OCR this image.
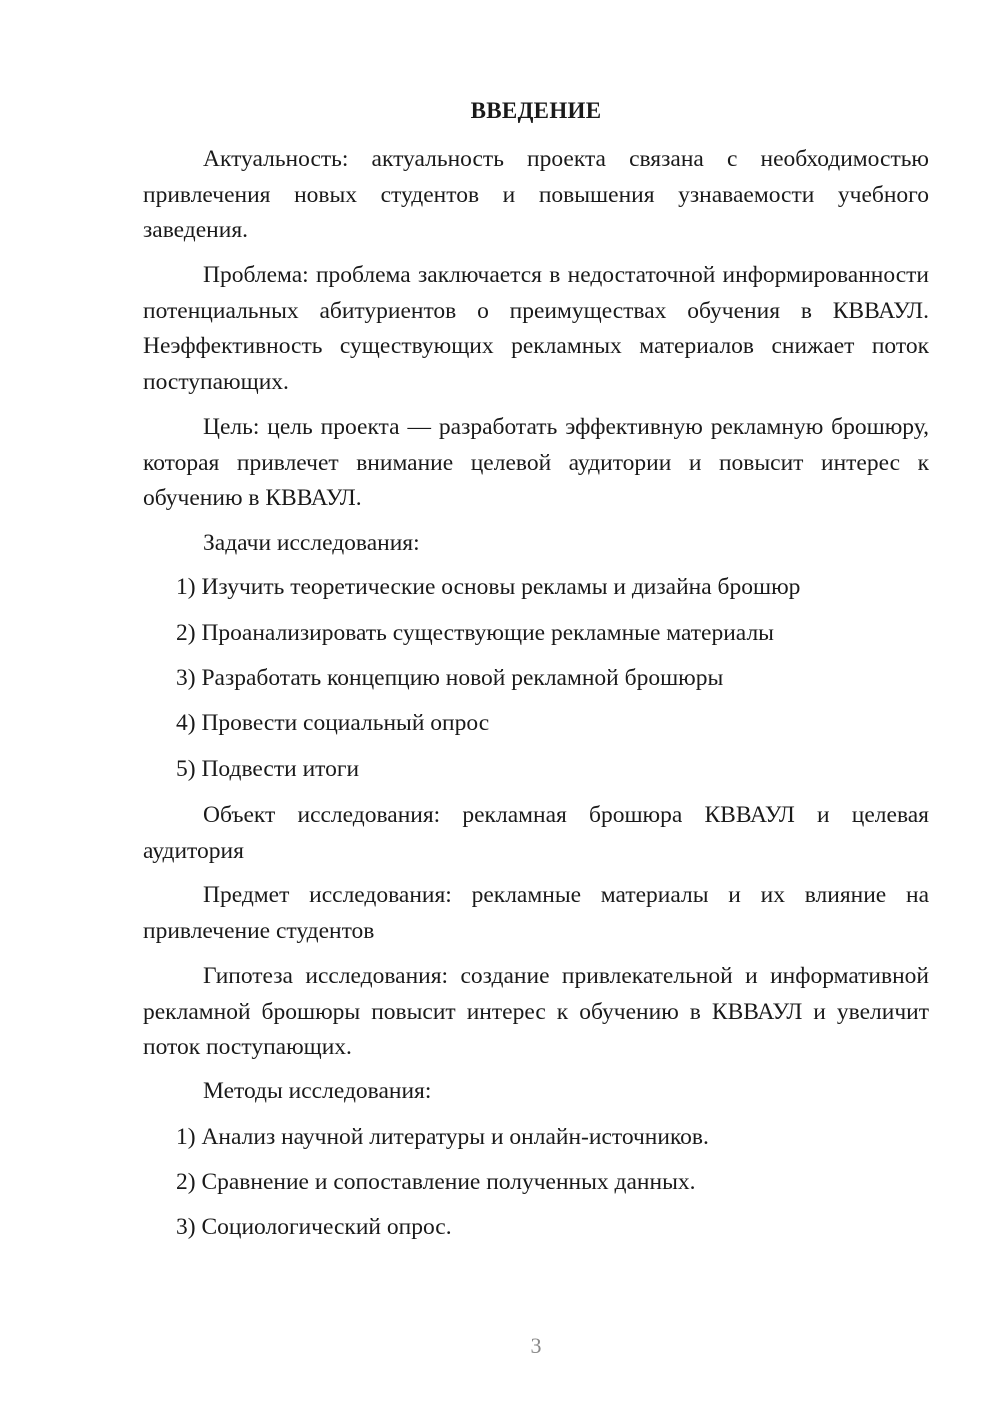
ВВЕДЕНИЕ

Актуальность: актуальность проекта связана с необходимостью привлечения новых студентов и повышения узнаваемости учебного заведения.

Проблема: проблема заключается в недостаточной информированности потенциальных абитуриентов о преимуществах обучения в КВВАУЛ. Неэффективность существующих рекламных материалов снижает поток поступающих.

Цель: цель проекта — разработать эффективную рекламную брошюру, которая привлечет внимание целевой аудитории и повысит интерес к обучению в КВВАУЛ.

Задачи исследования:

1) Изучить теоретические основы рекламы и дизайна брошюр

2) Проанализировать существующие рекламные материалы

3) Разработать концепцию новой рекламной брошюры

4) Провести социальный опрос

5) Подвести итоги

Объект исследования: рекламная брошюра КВВАУЛ и целевая аудитория

Предмет исследования: рекламные материалы и их влияние на привлечение студентов

Гипотеза исследования: создание привлекательной и информативной рекламной брошюры повысит интерес к обучению в КВВАУЛ и увеличит поток поступающих.

Методы исследования:

1) Анализ научной литературы и онлайн-источников.

2) Сравнение и сопоставление полученных данных.

3) Социологический опрос.

3
